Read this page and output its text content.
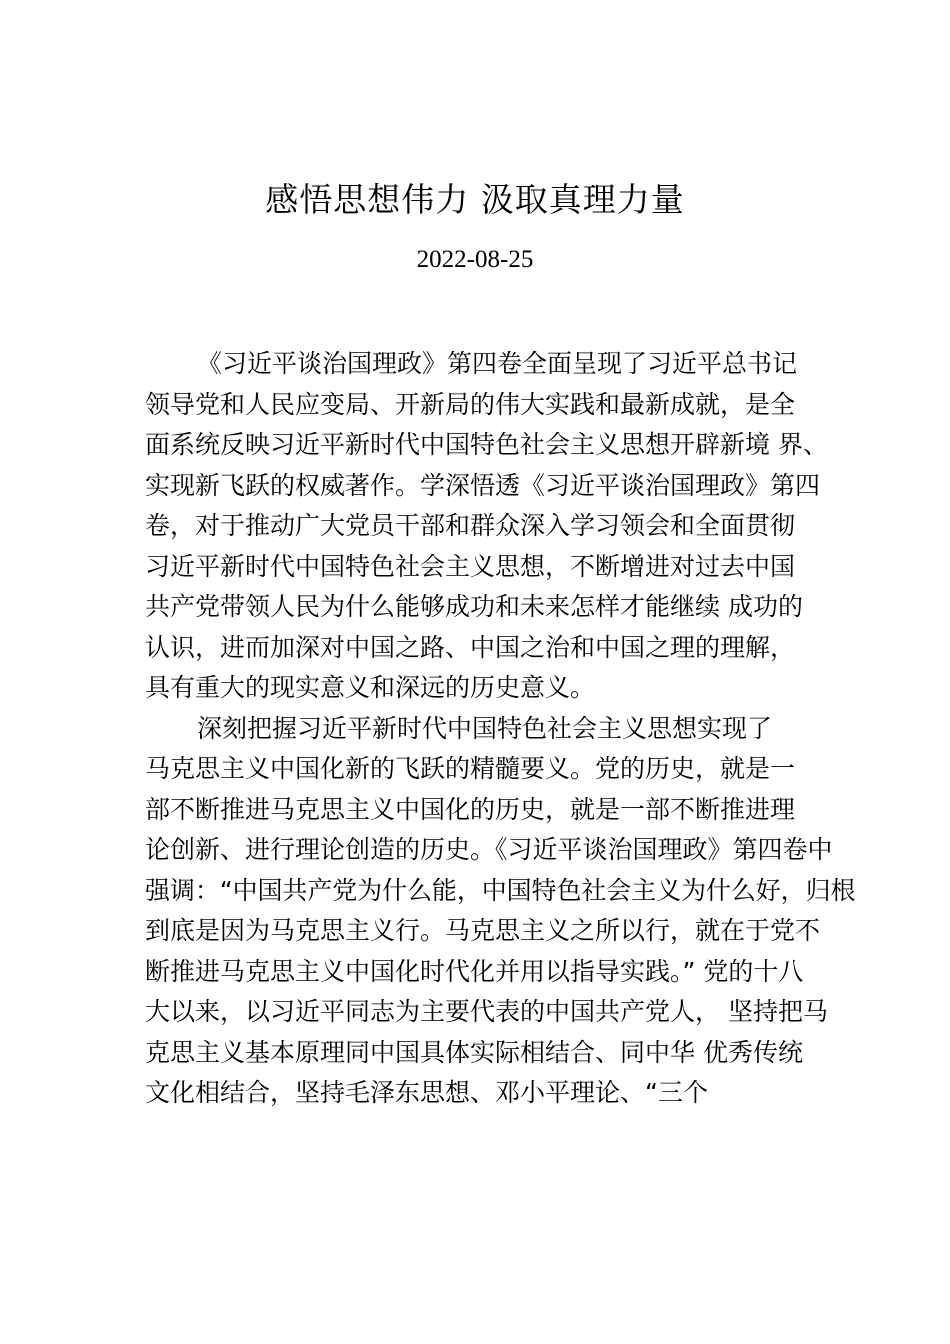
感悟思想伟力 汲取真理力量
2022-08-25
《习近平谈治国理政》第四卷全面呈现了习近平总书记
领导党和人民应变局、开新局的伟大实践和最新成就，是全
面系统反映习近平新时代中国特色社会主义思想开辟新境 界、
实现新飞跃的权威著作。学深悟透《习近平谈治国理政》第四
卷，对于推动广大党员干部和群众深入学习领会和全面贯彻
习近平新时代中国特色社会主义思想，不断增进对过去中国
共产党带领人民为什么能够成功和未来怎样才能继续 成功的
认识，进而加深对中国之路、中国之治和中国之理的理解，
具有重大的现实意义和深远的历史意义。
深刻把握习近平新时代中国特色社会主义思想实现了
马克思主义中国化新的飞跃的精髓要义。党的历史，就是一
部不断推进马克思主义中国化的历史，就是一部不断推进理
论创新、进行理论创造的历史。《习近平谈治国理政》第四卷中
强调：“中国共产党为什么能，中国特色社会主义为什么好，归根
到底是因为马克思主义行。马克思主义之所以行，就在于党不
断推进马克思主义中国化时代化并用以指导实践。” 党的十八
大以来，以习近平同志为主要代表的中国共产党人， 坚持把马
克思主义基本原理同中国具体实际相结合、同中华 优秀传统
文化相结合，坚持毛泽东思想、邓小平理论、“三个
